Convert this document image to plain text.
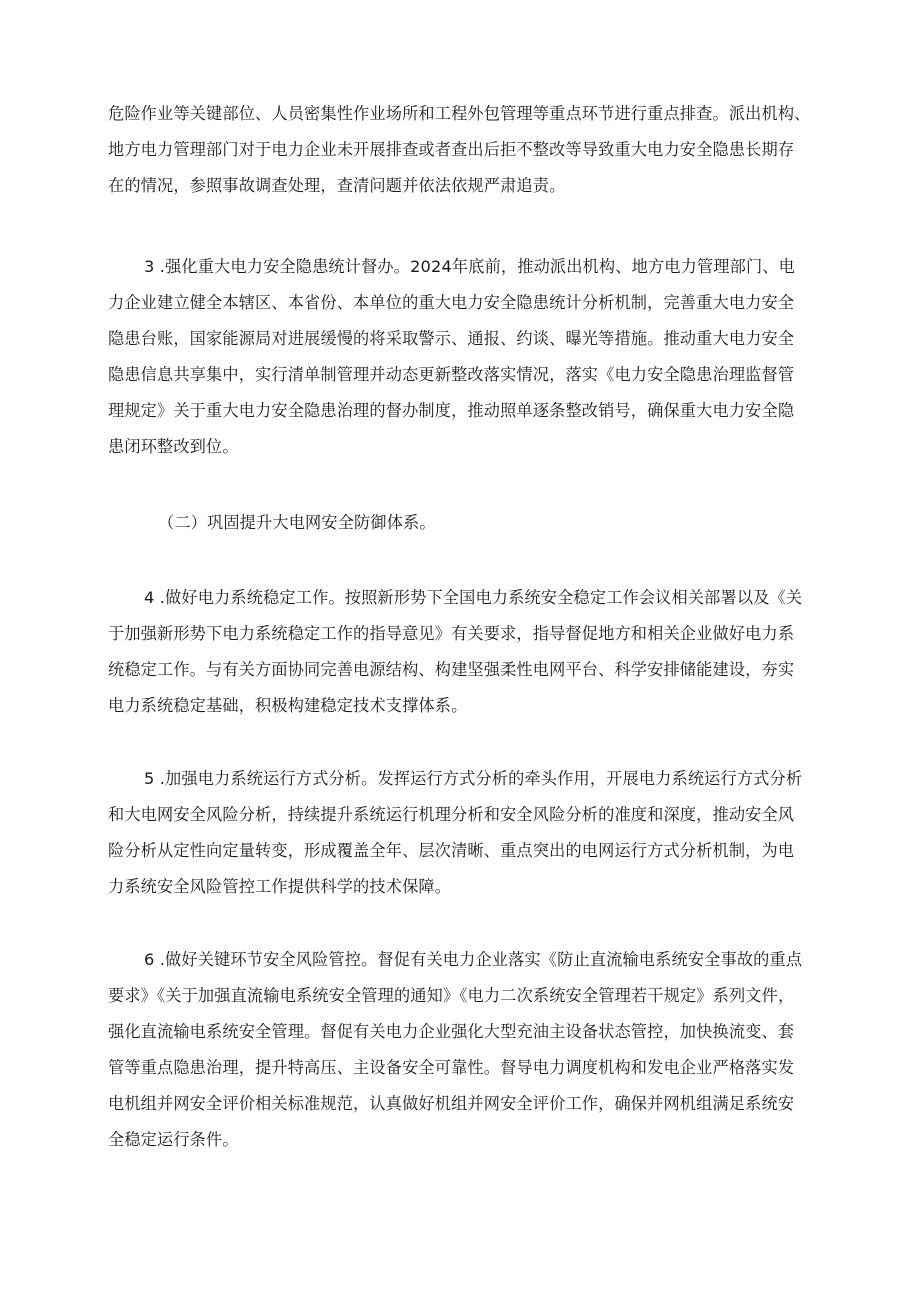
危险作业等关键部位、人员密集性作业场所和工程外包管理等重点环节进行重点排查。派出机构、
地方电力管理部门对于电力企业未开展排查或者查出后拒不整改等导致重大电力安全隐患长期存
在的情况，参照事故调查处理，查清问题并依法依规严肃追责。
3 .强化重大电力安全隐患统计督办。2024年底前，推动派出机构、地方电力管理部门、电
力企业建立健全本辖区、本省份、本单位的重大电力安全隐患统计分析机制，完善重大电力安全
隐患台账，国家能源局对进展缓慢的将采取警示、通报、约谈、曝光等措施。推动重大电力安全
隐患信息共享集中，实行清单制管理并动态更新整改落实情况，落实《电力安全隐患治理监督管
理规定》关于重大电力安全隐患治理的督办制度，推动照单逐条整改销号，确保重大电力安全隐
患闭环整改到位。
（二）巩固提升大电网安全防御体系。
4 .做好电力系统稳定工作。按照新形势下全国电力系统安全稳定工作会议相关部署以及《关
于加强新形势下电力系统稳定工作的指导意见》有关要求，指导督促地方和相关企业做好电力系
统稳定工作。与有关方面协同完善电源结构、构建坚强柔性电网平台、科学安排储能建设，夯实
电力系统稳定基础，积极构建稳定技术支撑体系。
5 .加强电力系统运行方式分析。发挥运行方式分析的牵头作用，开展电力系统运行方式分析
和大电网安全风险分析，持续提升系统运行机理分析和安全风险分析的准度和深度，推动安全风
险分析从定性向定量转变，形成覆盖全年、层次清晰、重点突出的电网运行方式分析机制，为电
力系统安全风险管控工作提供科学的技术保障。
6 .做好关键环节安全风险管控。督促有关电力企业落实《防止直流输电系统安全事故的重点
要求》《关于加强直流输电系统安全管理的通知》《电力二次系统安全管理若干规定》系列文件，
强化直流输电系统安全管理。督促有关电力企业强化大型充油主设备状态管控，加快换流变、套
管等重点隐患治理，提升特高压、主设备安全可靠性。督导电力调度机构和发电企业严格落实发
电机组并网安全评价相关标准规范，认真做好机组并网安全评价工作，确保并网机组满足系统安
全稳定运行条件。
